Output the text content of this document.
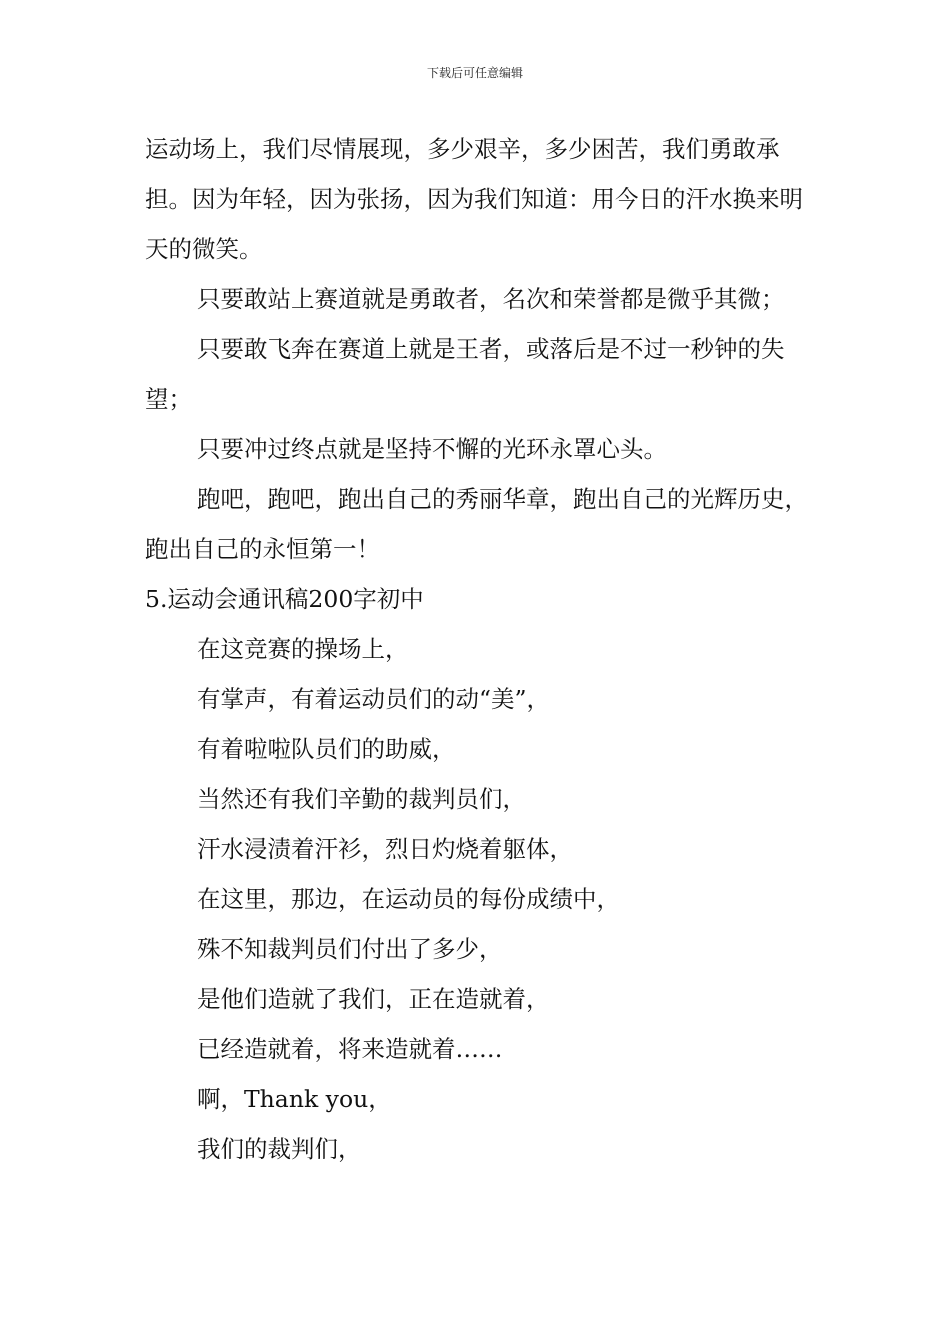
下载后可任意编辑

运动场上，我们尽情展现，多少艰辛，多少困苦，我们勇敢承担。因为年轻，因为张扬，因为我们知道：用今日的汗水换来明天的微笑。

只要敢站上赛道就是勇敢者，名次和荣誉都是微乎其微；

只要敢飞奔在赛道上就是王者，或落后是不过一秒钟的失望；

只要冲过终点就是坚持不懈的光环永罩心头。

跑吧，跑吧，跑出自己的秀丽华章，跑出自己的光辉历史，跑出自己的永恒第一！

5.运动会通讯稿200字初中

在这竞赛的操场上，

有掌声，有着运动员们的动“美”，

有着啦啦队员们的助威，

当然还有我们辛勤的裁判员们，

汗水浸渍着汗衫，烈日灼烧着躯体，

在这里，那边，在运动员的每份成绩中，

殊不知裁判员们付出了多少，

是他们造就了我们，正在造就着，

已经造就着，将来造就着……

啊，Thank you，

我们的裁判们，
